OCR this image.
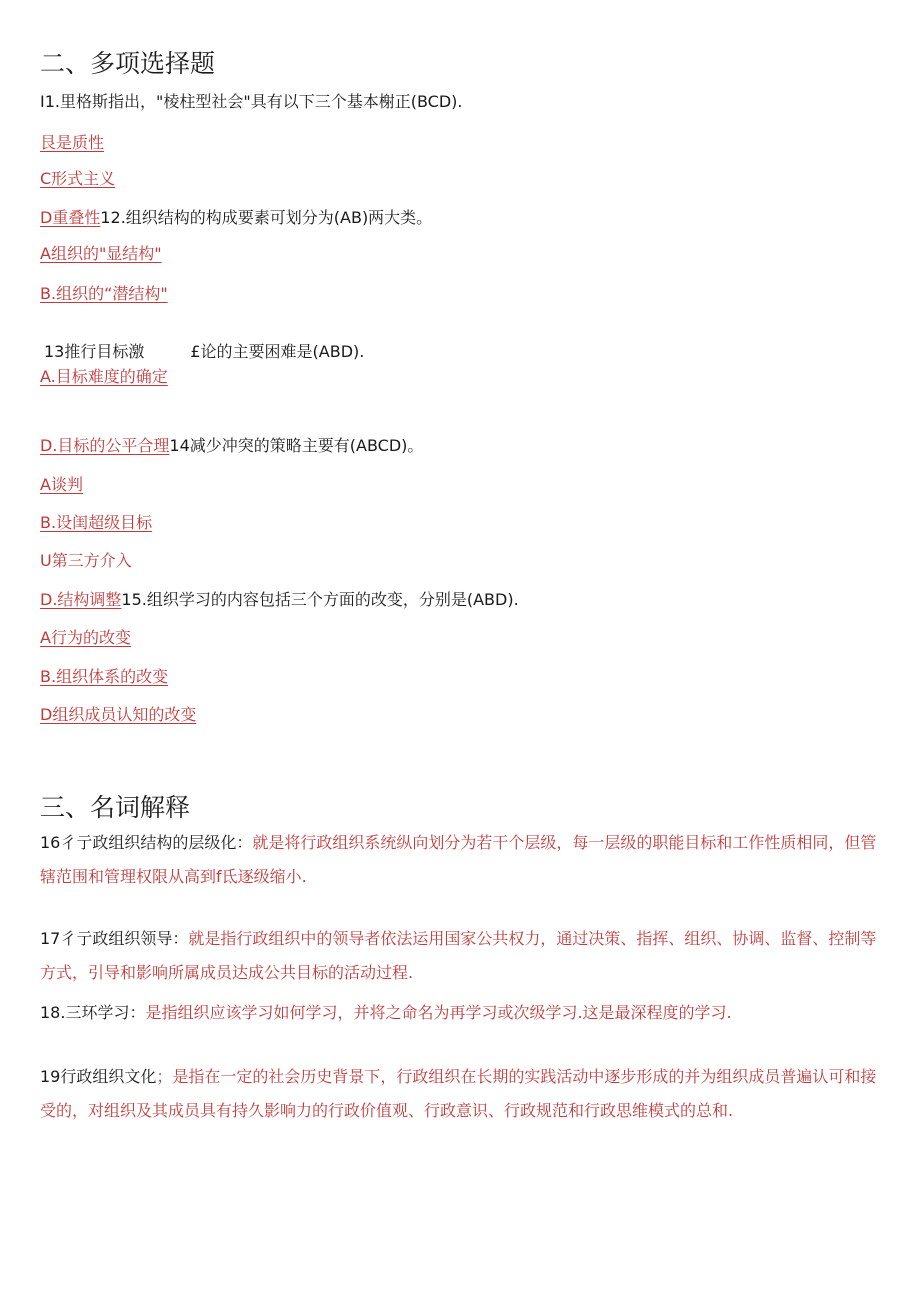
二、多项选择题
I1.里格斯指出，"棱柱型社会"具有以下三个基本榭正(BCD).
艮是质性
C形式主义
D重叠性12.组织结构的构成要素可划分为(AB)两大类。
A组织的"显结构"
B.组织的“潜结构"
13推行目标激	£论的主要困难是(ABD).
A.目标难度的确定
D.目标的公平合理14减少冲突的策略主要有(ABCD)。
A谈判
B.设闺超级目标
U第三方介入
D.结构调整15.组织学习的内容包括三个方面的改变，分别是(ABD).
A行为的改变
B.组织体系的改变
D组织成员认知的改变
三、名词解释
16彳亍政组织结构的层级化：就是将行政组织系统纵向划分为若干个层级，每一层级的职能目标和工作性质相同，但管辖范围和管理权限从高到f氐逐级缩小.
17彳亍政组织领导：就是指行政组织中的领导者依法运用国家公共权力，通过决策、指挥、组织、协调、监督、控制等方式，引导和影响所属成员达成公共目标的活动过程.
18.三环学习：是指组织应该学习如何学习，并将之命名为再学习或次级学习.这是最深程度的学习.
19行政组织文化；是指在一定的社会历史背景下，行政组织在长期的实践活动中逐步形成的并为组织成员普遍认可和接受的，对组织及其成员具有持久影响力的行政价值观、行政意识、行政规范和行政思维模式的总和.
